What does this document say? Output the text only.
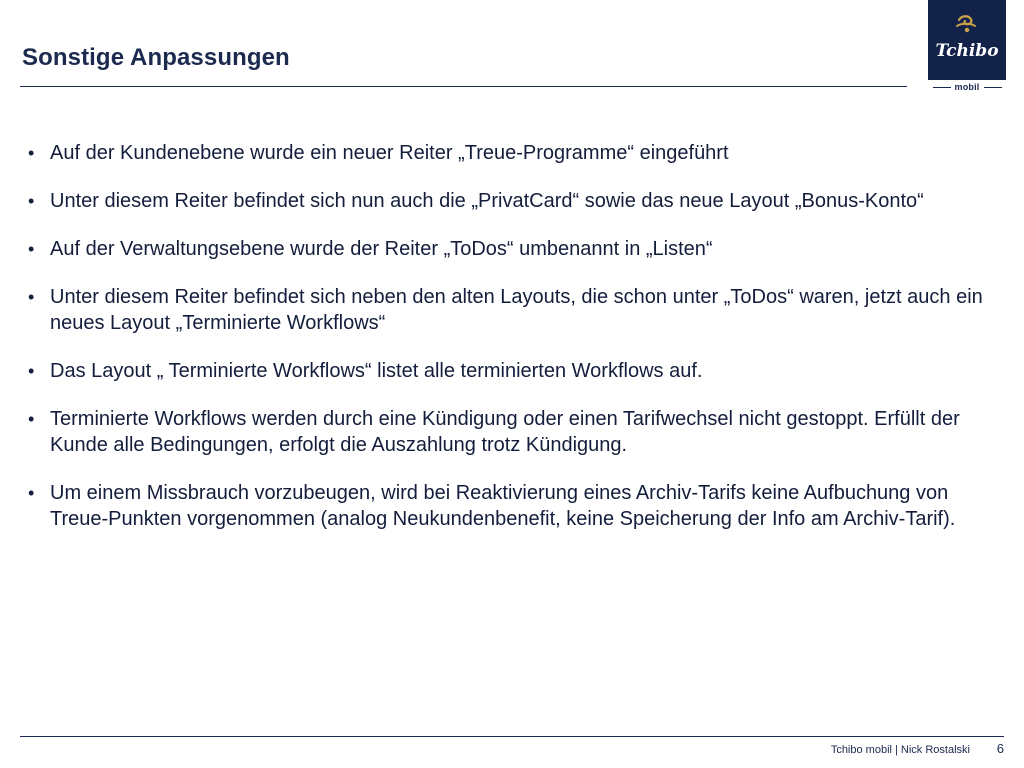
Sonstige Anpassungen	Tchibo
mobil
• Auf der Kundenebene wurde ein neuer Reiter „Treue-Programme“ eingeführt
• Unter diesem Reiter befindet sich nun auch die „PrivatCard“ sowie das neue Layout „Bonus-Konto“
• Auf der Verwaltungsebene wurde der Reiter „ToDos“ umbenannt in „Listen“
• Unter diesem Reiter befindet sich neben den alten Layouts, die schon unter „ToDos“ waren, jetzt auch ein neues Layout „Terminierte Workflows“
• Das Layout „ Terminierte Workflows“ listet alle terminierten Workflows auf.
• Terminierte Workflows werden durch eine Kündigung oder einen Tarifwechsel nicht gestoppt. Erfüllt der Kunde alle Bedingungen, erfolgt die Auszahlung trotz Kündigung.
• Um einem Missbrauch vorzubeugen, wird bei Reaktivierung eines Archiv-Tarifs keine Aufbuchung von Treue-Punkten vorgenommen (analog Neukundenbenefit, keine Speicherung der Info am Archiv-Tarif).
Tchibo mobil | Nick Rostalski 6
